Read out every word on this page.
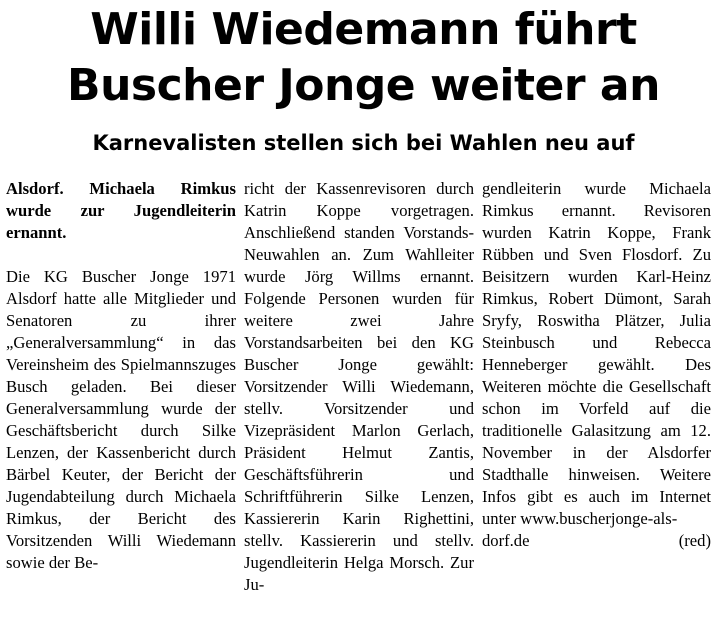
Willi Wiedemann führt
Buscher Jonge weiter an
Karnevalisten stellen sich bei Wahlen neu auf

Alsdorf. Michaela Rimkus wurde zur Jugendleiterin ernannt.

Die KG Buscher Jonge 1971 Alsdorf hatte alle Mitglieder und Senatoren zu ihrer „Generalversammlung“ in das Vereinsheim des Spielmannszuges Busch geladen. Bei dieser Generalversammlung wurde der Geschäftsbericht durch Silke Lenzen, der Kassenbericht durch Bärbel Keuter, der Bericht der Jugendabteilung durch Michaela Rimkus, der Bericht des Vorsitzenden Willi Wiedemann sowie der Be-

richt der Kassenrevisoren durch Katrin Koppe vorgetragen. Anschließend standen Vorstands-Neuwahlen an. Zum Wahlleiter wurde Jörg Willms ernannt. Folgende Personen wurden für weitere zwei Jahre Vorstandsarbeiten bei den KG Buscher Jonge gewählt: Vorsitzender Willi Wiedemann, stellv. Vorsitzender und Vizepräsident Marlon Gerlach, Präsident Helmut Zantis, Geschäftsführerin und Schriftführerin Silke Lenzen, Kassiererin Karin Righettini, stellv. Kassiererin und stellv. Jugendleiterin Helga Morsch. Zur Ju-

gendleiterin wurde Michaela Rimkus ernannt. Revisoren wurden Katrin Koppe, Frank Rübben und Sven Flosdorf. Zu Beisitzern wurden Karl-Heinz Rimkus, Robert Dümont, Sarah Sryfy, Roswitha Plätzer, Julia Steinbusch und Rebecca Henneberger gewählt. Des Weiteren möchte die Gesellschaft schon im Vorfeld auf die traditionelle Galasitzung am 12. November in der Alsdorfer Stadthalle hinweisen. Weitere Infos gibt es auch im Internet unter www.buscherjonge-als-

dorf.de	(red)
